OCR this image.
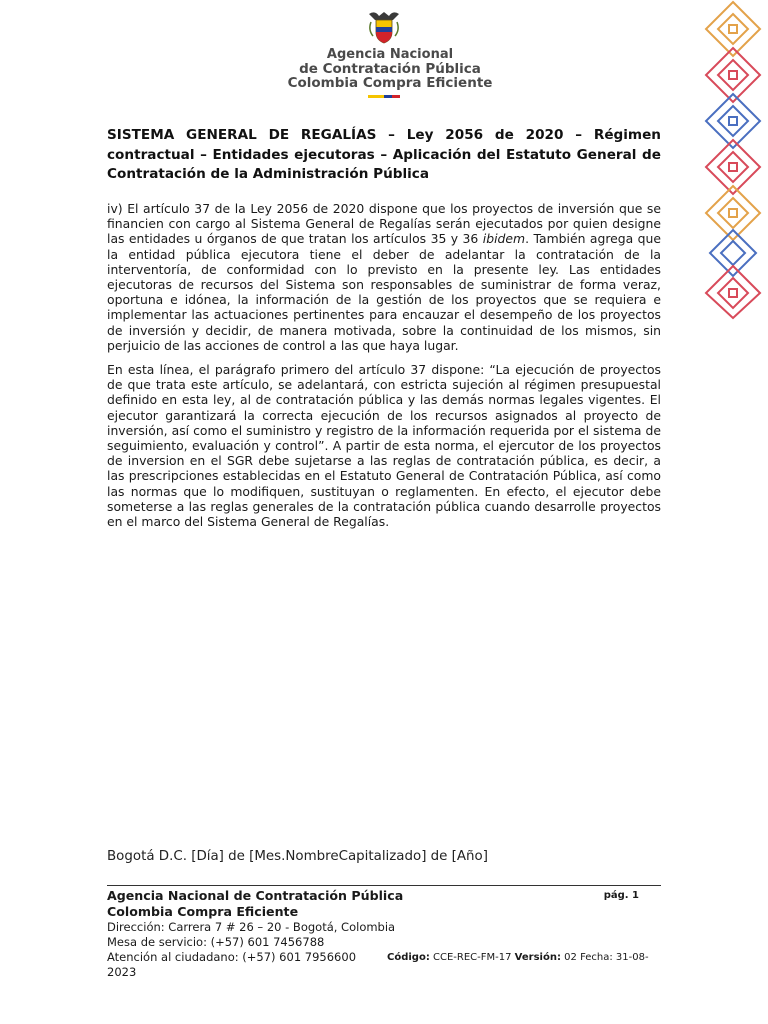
Agencia Nacional
de Contratación Pública
Colombia Compra Eficiente
SISTEMA GENERAL DE REGALÍAS – Ley 2056 de 2020 – Régimen contractual – Entidades ejecutoras – Aplicación del Estatuto General de Contratación de la Administración Pública

iv) El artículo 37 de la Ley 2056 de 2020 dispone que los proyectos de inversión que se financien con cargo al Sistema General de Regalías serán ejecutados por quien designe las entidades u órganos de que tratan los artículos 35 y 36 ibidem. También agrega que la entidad pública ejecutora tiene el deber de adelantar la contratación de la interventoría, de conformidad con lo previsto en la presente ley. Las entidades ejecutoras de recursos del Sistema son responsables de suministrar de forma veraz, oportuna e idónea, la información de la gestión de los proyectos que se requiera e implementar las actuaciones pertinentes para encauzar el desempeño de los proyectos de inversión y decidir, de manera motivada, sobre la continuidad de los mismos, sin perjuicio de las acciones de control a las que haya lugar.

En esta línea, el parágrafo primero del artículo 37 dispone: “La ejecución de proyectos de que trata este artículo, se adelantará, con estricta sujeción al régimen presupuestal definido en esta ley, al de contratación pública y las demás normas legales vigentes. El ejecutor garantizará la correcta ejecución de los recursos asignados al proyecto de inversión, así como el suministro y registro de la información requerida por el sistema de seguimiento, evaluación y control”. A partir de esta norma, el ejercutor de los proyectos de inversion en el SGR debe sujetarse a las reglas de contratación pública, es decir, a las prescripciones establecidas en el Estatuto General de Contratación Pública, así como las normas que lo modifiquen, sustituyan o reglamenten. En efecto, el ejecutor debe someterse a las reglas generales de la contratación pública cuando desarrolle proyectos en el marco del Sistema General de Regalías.

Bogotá D.C. [Día] de [Mes.NombreCapitalizado] de [Año]
Agencia Nacional de Contratación Pública
Colombia Compra Eficiente
Dirección: Carrera 7 # 26 – 20 - Bogotá, Colombia
Mesa de servicio: (+57) 601 7456788
Atención al ciudadano: (+57) 601 7956600
2023
pág. 1
Código: CCE-REC-FM-17 Versión: 02 Fecha: 31-08-
